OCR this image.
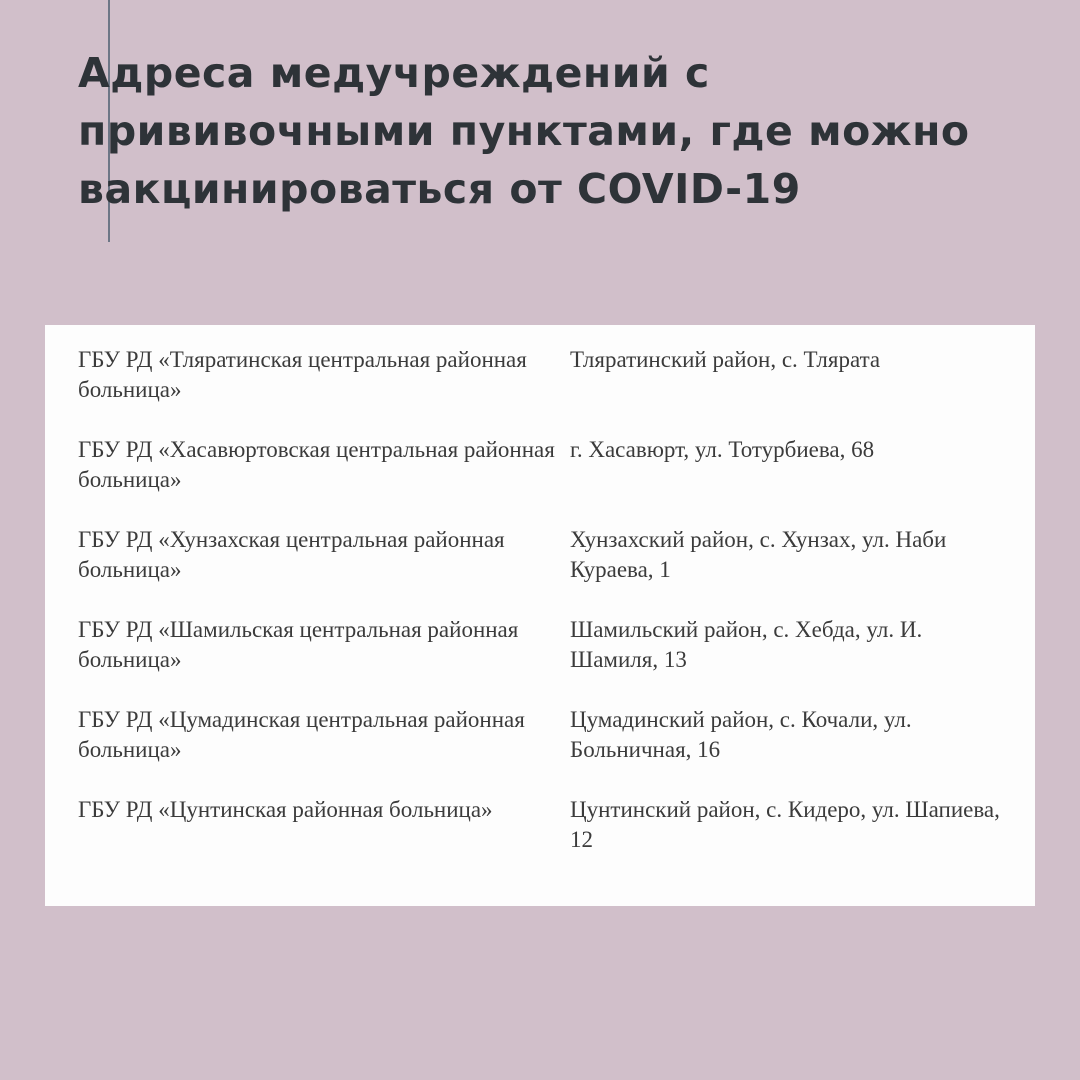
Адреса медучреждений с
прививочными пунктами, где можно
вакцинироваться от COVID-19
ГБУ РД «Тляратинская центральная районная больница»
Тляратинский район, с. Тлярата
ГБУ РД «Хасавюртовская центральная районная больница»
г. Хасавюрт, ул. Тотурбиева, 68
ГБУ РД «Хунзахская центральная районная больница»
Хунзахский район, с. Хунзах, ул. Наби Кураева, 1
ГБУ РД «Шамильская центральная районная больница»
Шамильский район, с. Хебда, ул. И. Шамиля, 13
ГБУ РД «Цумадинская центральная районная больница»
Цумадинский район, с. Кочали, ул. Больничная, 16
ГБУ РД «Цунтинская районная больница»	Цунтинский район, с. Кидеро, ул. Шапиева, 12
